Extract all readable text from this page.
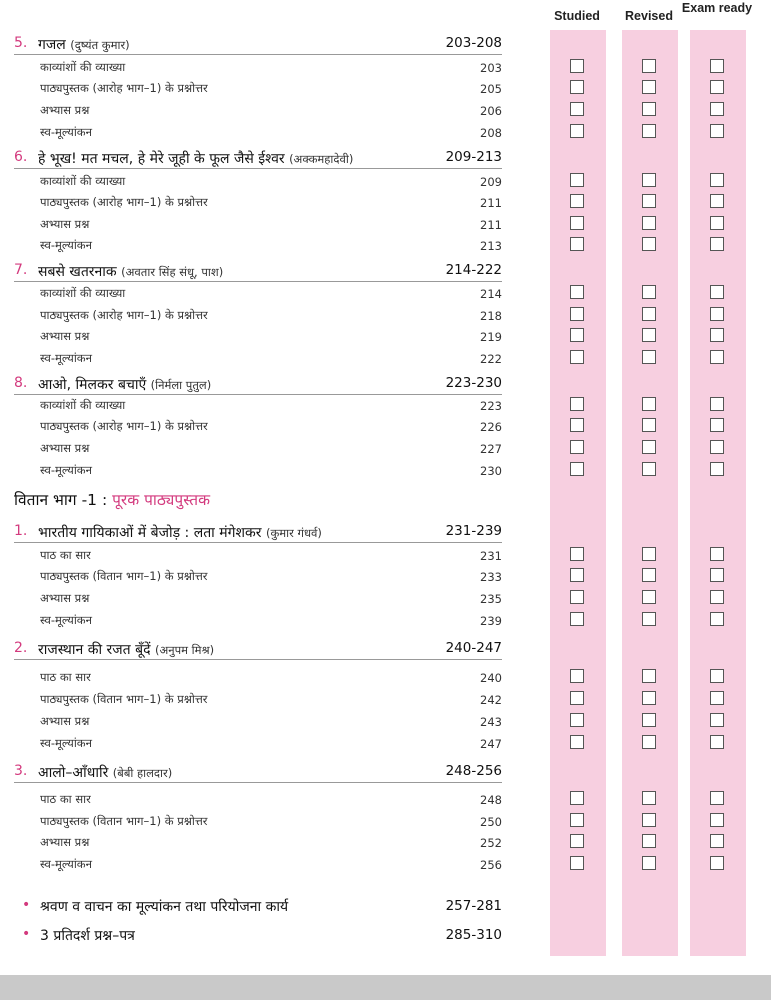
Studied	Revised
Exam ready
5. गजल (दुष्यंत कुमार)	203-208
काव्यांशों की व्याख्या	203
पाठ्यपुस्तक (आरोह भाग–1) के प्रश्नोत्तर	205
अभ्यास प्रश्न	206
स्व-मूल्यांकन	208
6. हे भूख! मत मचल, हे मेरे जूही के फूल जैसे ईश्वर (अक्कमहादेवी)	209-213
काव्यांशों की व्याख्या	209
पाठ्यपुस्तक (आरोह भाग–1) के प्रश्नोत्तर	211
अभ्यास प्रश्न	211
स्व-मूल्यांकन	213
7. सबसे खतरनाक (अवतार सिंह संधू, पाश)	214-222
काव्यांशों की व्याख्या	214
पाठ्यपुस्तक (आरोह भाग–1) के प्रश्नोत्तर	218
अभ्यास प्रश्न	219
स्व-मूल्यांकन	222
8. आओ, मिलकर बचाएँ (निर्मला पुतुल)	223-230
काव्यांशों की व्याख्या	223
पाठ्यपुस्तक (आरोह भाग–1) के प्रश्नोत्तर	226
अभ्यास प्रश्न	227
स्व-मूल्यांकन	230
1. भारतीय गायिकाओं में बेजोड़ : लता मंगेशकर (कुमार गंधर्व)	231-239
पाठ का सार	231
पाठ्यपुस्तक (वितान भाग–1) के प्रश्नोत्तर	233
अभ्यास प्रश्न	235
स्व-मूल्यांकन	239
2. राजस्थान की रजत बूँदें (अनुपम मिश्र)	240-247
पाठ का सार	240
पाठ्यपुस्तक (वितान भाग–1) के प्रश्नोत्तर	242
अभ्यास प्रश्न	243
स्व-मूल्यांकन	247
3. आलो–आँधारि (बेबी हालदार)	248-256
पाठ का सार	248
पाठ्यपुस्तक (वितान भाग–1) के प्रश्नोत्तर	250
अभ्यास प्रश्न	252
स्व-मूल्यांकन	256
• श्रवण व वाचन का मूल्यांकन तथा परियोजना कार्य	257-281
• 3 प्रतिदर्श प्रश्न–पत्र	285-310
वितान भाग -1 : पूरक पाठ्यपुस्तक
